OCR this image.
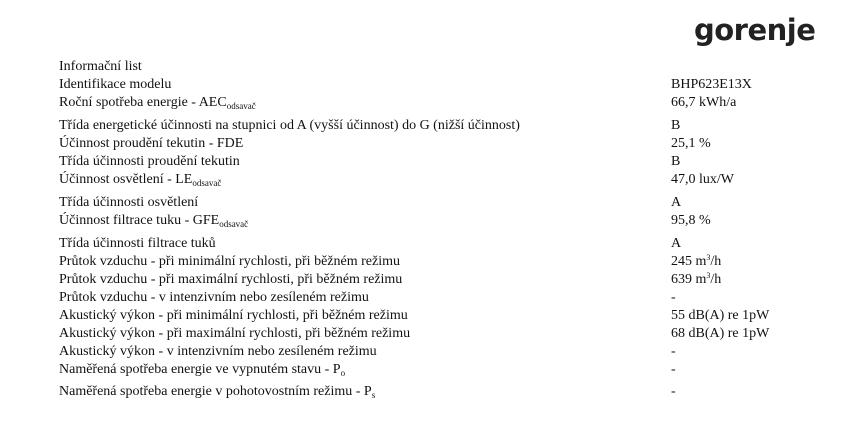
gorenje
Informační list
Identifikace modelu	BHP623E13X
Roční spotřeba energie - $AEC_{odsavač}$	66,7 kWh/a
Třída energetické účinnosti na stupnici od A (vyšší účinnost) do G (nižší účinnost)	B
Účinnost proudění tekutin - FDE	25,1 %
Třída účinnosti proudění tekutin	B
Účinnost osvětlení - $LE_{odsavač}$	47,0 lux/W
Třída účinnosti osvětlení	A
Účinnost filtrace tuku - $GFE_{odsavač}$	95,8 %
Třída účinnosti filtrace tuků	A
Průtok vzduchu - při minimální rychlosti, při běžném režimu	245 $m^3/h$
Průtok vzduchu - při maximální rychlosti, při běžném režimu	639 $m^3/h$
Průtok vzduchu - v intenzivním nebo zesíleném režimu	-
Akustický výkon - při minimální rychlosti, při běžném režimu	55 dB(A) re 1pW
Akustický výkon - při maximální rychlosti, při běžném režimu	68 dB(A) re 1pW
Akustický výkon - v intenzivním nebo zesíleném režimu	-
Naměřená spotřeba energie ve vypnutém stavu - $P_o$	-
Naměřená spotřeba energie v pohotovostním režimu - $P_s$	-
